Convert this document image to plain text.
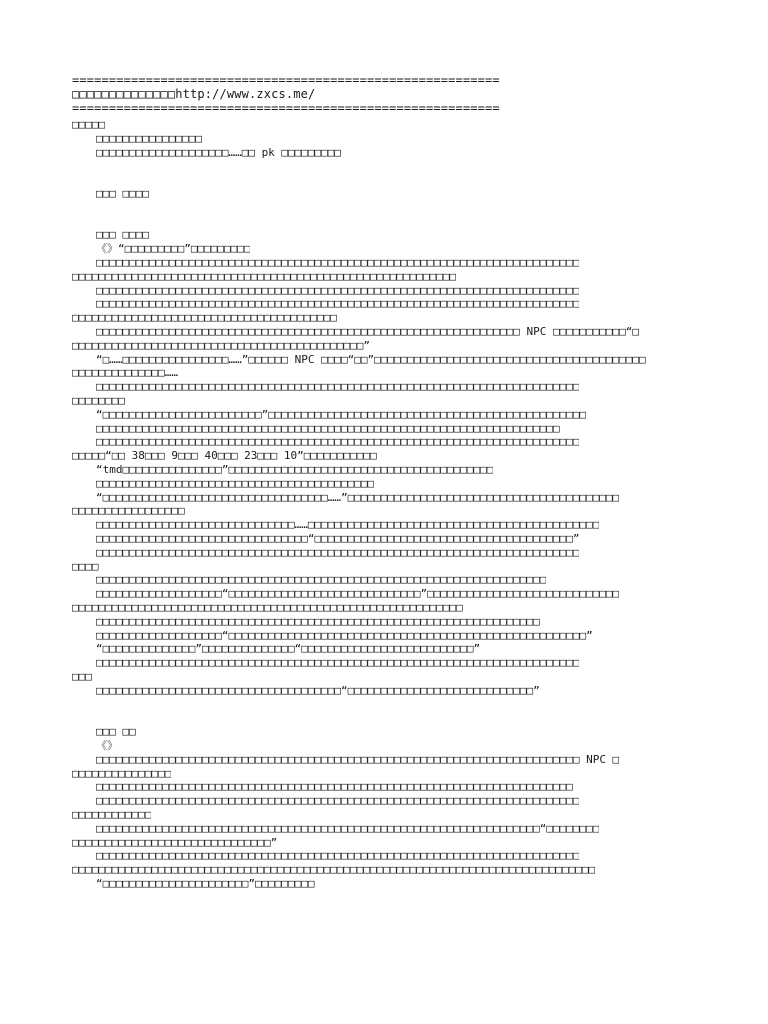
==========================================================
□□□□□□□□□□□□□□http://www.zxcs.me/
==========================================================
□□□□□
□□□□□□□□□□□□□□□□
□□□□□□□□□□□□□□□□□□□□……□□ pk □□□□□□□□□
□□□ □□□□
□□□ □□□□
《》“□□□□□□□□□”□□□□□□□□□
□□□□□□□□□□□□□□□□□□□□□□□□□□□□□□□□□□□□□□□□□□□□□□□□□□□□□□□□□□□□□□□□□□□□□□□□□
□□□□□□□□□□□□□□□□□□□□□□□□□□□□□□□□□□□□□□□□□□□□□□□□□□□□□□□□□□
□□□□□□□□□□□□□□□□□□□□□□□□□□□□□□□□□□□□□□□□□□□□□□□□□□□□□□□□□□□□□□□□□□□□□□□□□
□□□□□□□□□□□□□□□□□□□□□□□□□□□□□□□□□□□□□□□□□□□□□□□□□□□□□□□□□□□□□□□□□□□□□□□□□
□□□□□□□□□□□□□□□□□□□□□□□□□□□□□□□□□□□□□□□□
□□□□□□□□□□□□□□□□□□□□□□□□□□□□□□□□□□□□□□□□□□□□□□□□□□□□□□□□□□□□□□□□ NPC □□□□□□□□□□□“□
□□□□□□□□□□□□□□□□□□□□□□□□□□□□□□□□□□□□□□□□□□□□”
“□……□□□□□□□□□□□□□□□□……”□□□□□□ NPC □□□□“□□”□□□□□□□□□□□□□□□□□□□□□□□□□□□□□□□□□□□□□□□□□
□□□□□□□□□□□□□□……
□□□□□□□□□□□□□□□□□□□□□□□□□□□□□□□□□□□□□□□□□□□□□□□□□□□□□□□□□□□□□□□□□□□□□□□□□
□□□□□□□□
“□□□□□□□□□□□□□□□□□□□□□□□□”□□□□□□□□□□□□□□□□□□□□□□□□□□□□□□□□□□□□□□□□□□□□□□□□
□□□□□□□□□□□□□□□□□□□□□□□□□□□□□□□□□□□□□□□□□□□□□□□□□□□□□□□□□□□□□□□□□□□□□□
□□□□□□□□□□□□□□□□□□□□□□□□□□□□□□□□□□□□□□□□□□□□□□□□□□□□□□□□□□□□□□□□□□□□□□□□□
□□□□□“□□ 38□□□ 9□□□ 40□□□ 23□□□ 10”□□□□□□□□□□□
“tmd□□□□□□□□□□□□□□□”□□□□□□□□□□□□□□□□□□□□□□□□□□□□□□□□□□□□□□□□
□□□□□□□□□□□□□□□□□□□□□□□□□□□□□□□□□□□□□□□□□□
“□□□□□□□□□□□□□□□□□□□□□□□□□□□□□□□□□□……”□□□□□□□□□□□□□□□□□□□□□□□□□□□□□□□□□□□□□□□□□
□□□□□□□□□□□□□□□□□
□□□□□□□□□□□□□□□□□□□□□□□□□□□□□□……□□□□□□□□□□□□□□□□□□□□□□□□□□□□□□□□□□□□□□□□□□□□
□□□□□□□□□□□□□□□□□□□□□□□□□□□□□□□□“□□□□□□□□□□□□□□□□□□□□□□□□□□□□□□□□□□□□□□□”
□□□□□□□□□□□□□□□□□□□□□□□□□□□□□□□□□□□□□□□□□□□□□□□□□□□□□□□□□□□□□□□□□□□□□□□□□
□□□□
□□□□□□□□□□□□□□□□□□□□□□□□□□□□□□□□□□□□□□□□□□□□□□□□□□□□□□□□□□□□□□□□□□□□
□□□□□□□□□□□□□□□□□□□“□□□□□□□□□□□□□□□□□□□□□□□□□□□□□”□□□□□□□□□□□□□□□□□□□□□□□□□□□□□
□□□□□□□□□□□□□□□□□□□□□□□□□□□□□□□□□□□□□□□□□□□□□□□□□□□□□□□□□□□
□□□□□□□□□□□□□□□□□□□□□□□□□□□□□□□□□□□□□□□□□□□□□□□□□□□□□□□□□□□□□□□□□□□
□□□□□□□□□□□□□□□□□□□“□□□□□□□□□□□□□□□□□□□□□□□□□□□□□□□□□□□□□□□□□□□□□□□□□□□□□□”
“□□□□□□□□□□□□□□”□□□□□□□□□□□□□□“□□□□□□□□□□□□□□□□□□□□□□□□□□”
□□□□□□□□□□□□□□□□□□□□□□□□□□□□□□□□□□□□□□□□□□□□□□□□□□□□□□□□□□□□□□□□□□□□□□□□□
□□□
□□□□□□□□□□□□□□□□□□□□□□□□□□□□□□□□□□□□□“□□□□□□□□□□□□□□□□□□□□□□□□□□□□”
□□□ □□
《》
□□□□□□□□□□□□□□□□□□□□□□□□□□□□□□□□□□□□□□□□□□□□□□□□□□□□□□□□□□□□□□□□□□□□□□□□□ NPC □
□□□□□□□□□□□□□□□
□□□□□□□□□□□□□□□□□□□□□□□□□□□□□□□□□□□□□□□□□□□□□□□□□□□□□□□□□□□□□□□□□□□□□□□□
□□□□□□□□□□□□□□□□□□□□□□□□□□□□□□□□□□□□□□□□□□□□□□□□□□□□□□□□□□□□□□□□□□□□□□□□□
□□□□□□□□□□□□
□□□□□□□□□□□□□□□□□□□□□□□□□□□□□□□□□□□□□□□□□□□□□□□□□□□□□□□□□□□□□□□□□□□“□□□□□□□□
□□□□□□□□□□□□□□□□□□□□□□□□□□□□□□”
□□□□□□□□□□□□□□□□□□□□□□□□□□□□□□□□□□□□□□□□□□□□□□□□□□□□□□□□□□□□□□□□□□□□□□□□□
□□□□□□□□□□□□□□□□□□□□□□□□□□□□□□□□□□□□□□□□□□□□□□□□□□□□□□□□□□□□□□□□□□□□□□□□□□□□□□□
“□□□□□□□□□□□□□□□□□□□□□□”□□□□□□□□□
